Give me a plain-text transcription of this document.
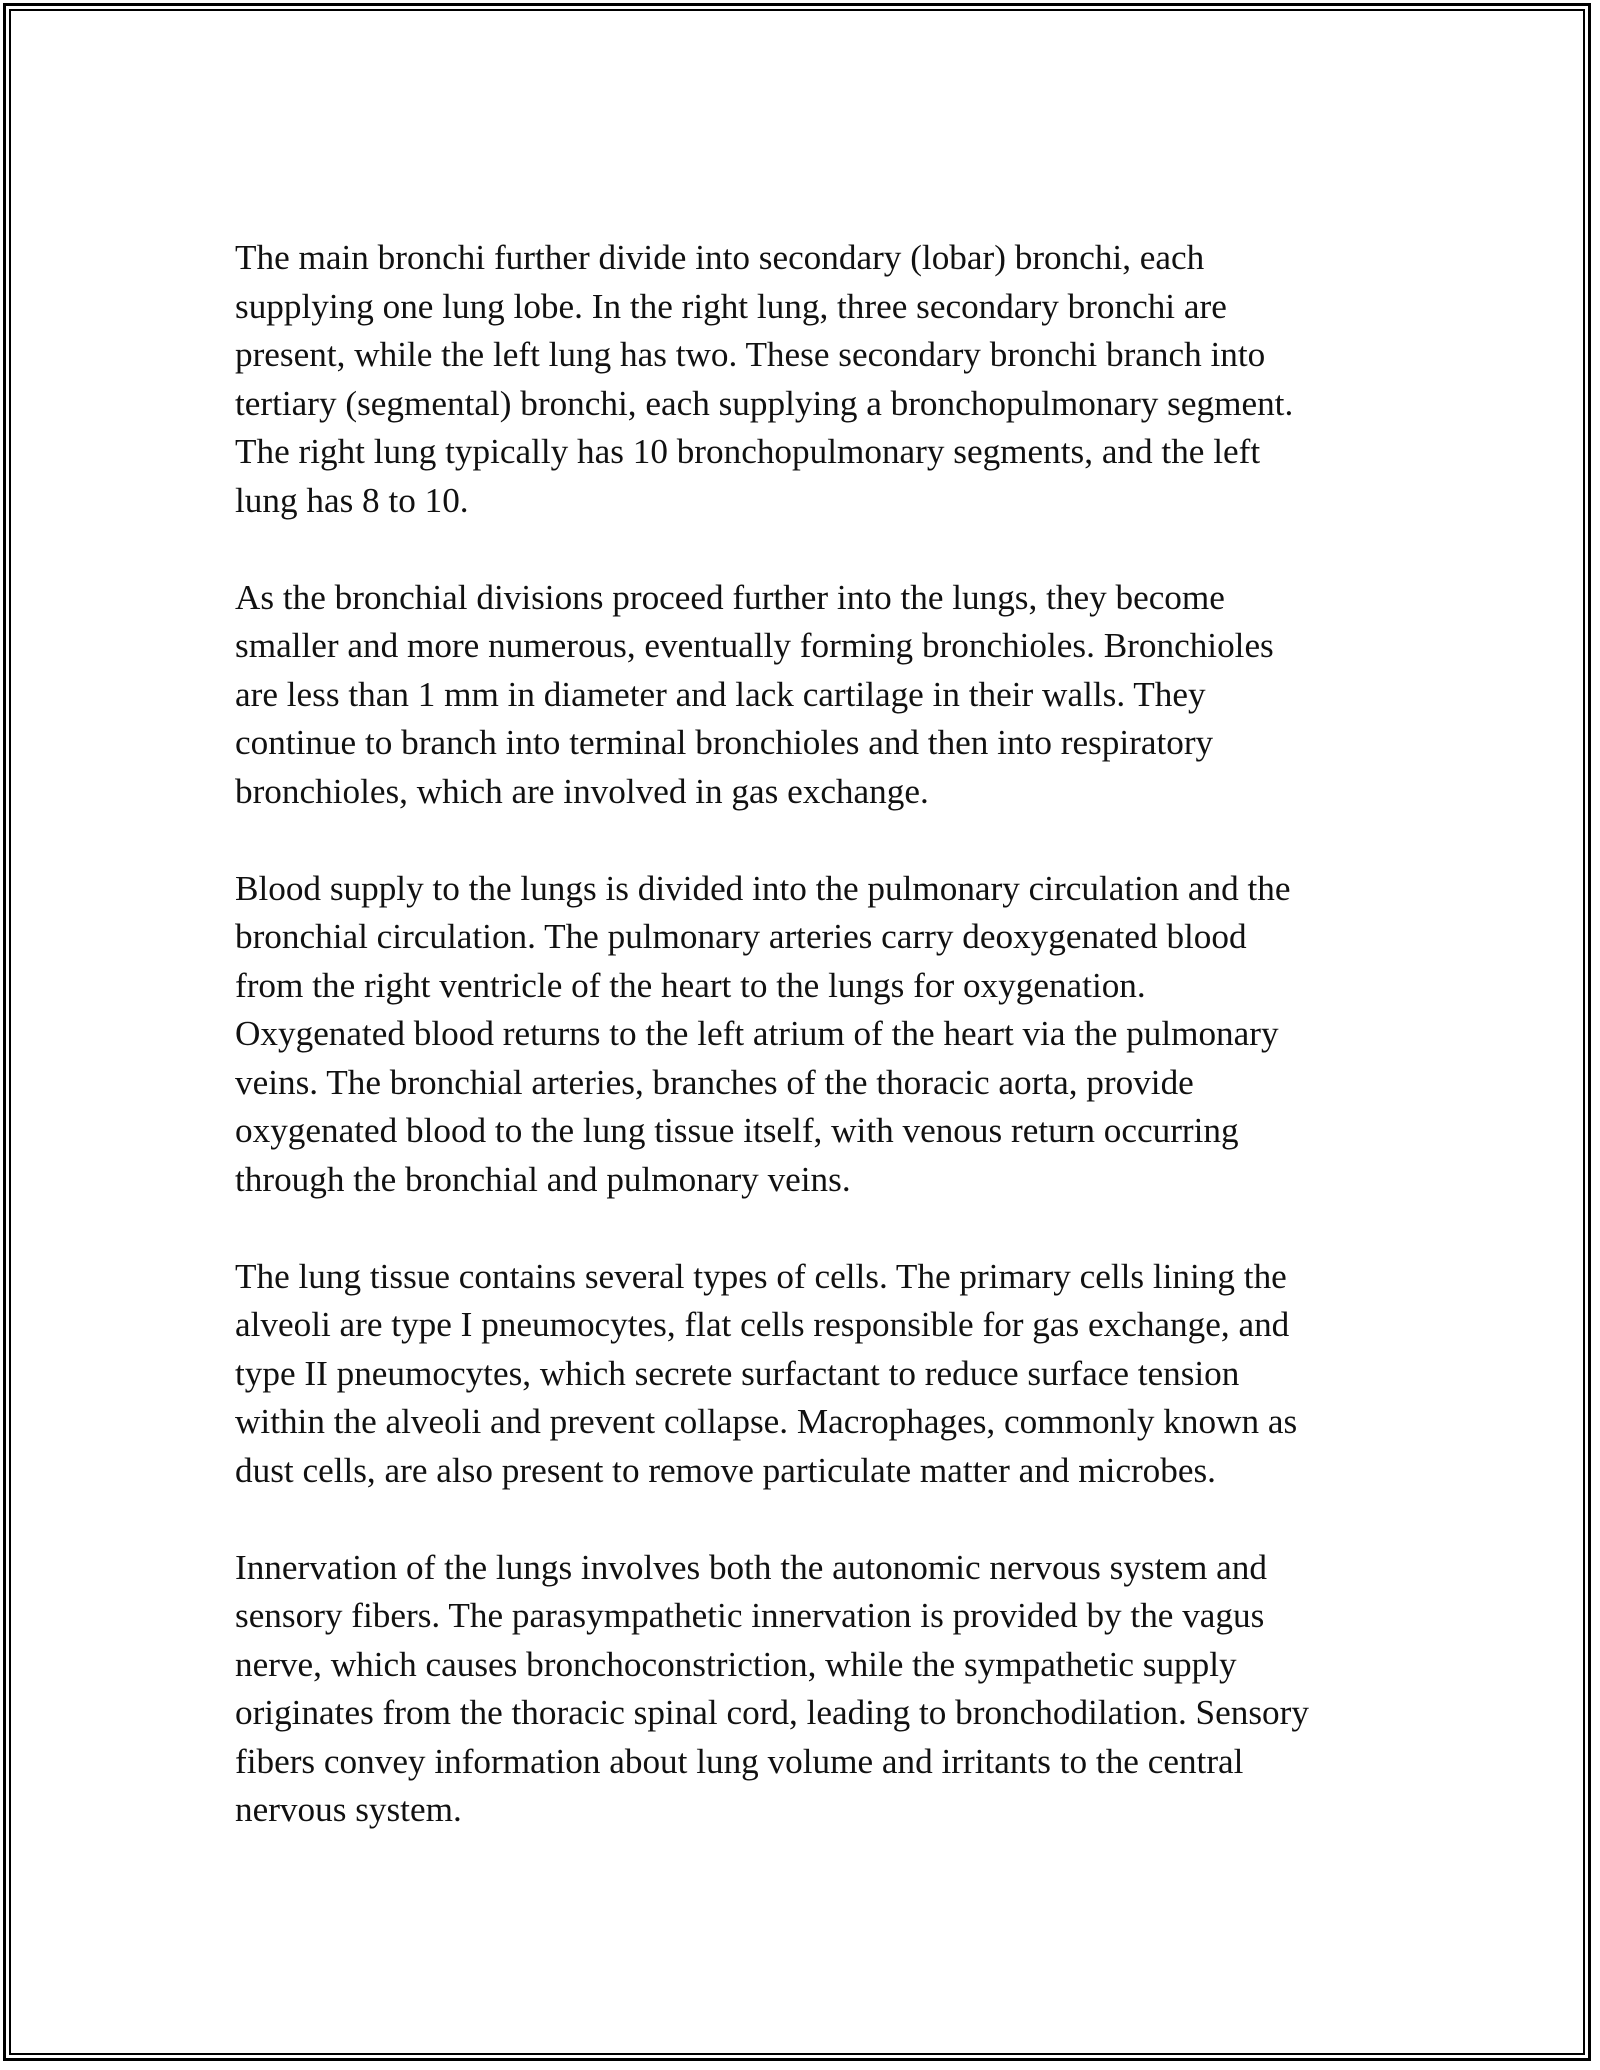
The main bronchi further divide into secondary (lobar) bronchi, each
supplying one lung lobe. In the right lung, three secondary bronchi are
present, while the left lung has two. These secondary bronchi branch into
tertiary (segmental) bronchi, each supplying a bronchopulmonary segment.
The right lung typically has 10 bronchopulmonary segments, and the left
lung has 8 to 10.

As the bronchial divisions proceed further into the lungs, they become
smaller and more numerous, eventually forming bronchioles. Bronchioles
are less than 1 mm in diameter and lack cartilage in their walls. They
continue to branch into terminal bronchioles and then into respiratory
bronchioles, which are involved in gas exchange.

Blood supply to the lungs is divided into the pulmonary circulation and the
bronchial circulation. The pulmonary arteries carry deoxygenated blood
from the right ventricle of the heart to the lungs for oxygenation.
Oxygenated blood returns to the left atrium of the heart via the pulmonary
veins. The bronchial arteries, branches of the thoracic aorta, provide
oxygenated blood to the lung tissue itself, with venous return occurring
through the bronchial and pulmonary veins.

The lung tissue contains several types of cells. The primary cells lining the
alveoli are type I pneumocytes, flat cells responsible for gas exchange, and
type II pneumocytes, which secrete surfactant to reduce surface tension
within the alveoli and prevent collapse. Macrophages, commonly known as
dust cells, are also present to remove particulate matter and microbes.

Innervation of the lungs involves both the autonomic nervous system and
sensory fibers. The parasympathetic innervation is provided by the vagus
nerve, which causes bronchoconstriction, while the sympathetic supply
originates from the thoracic spinal cord, leading to bronchodilation. Sensory
fibers convey information about lung volume and irritants to the central
nervous system.
